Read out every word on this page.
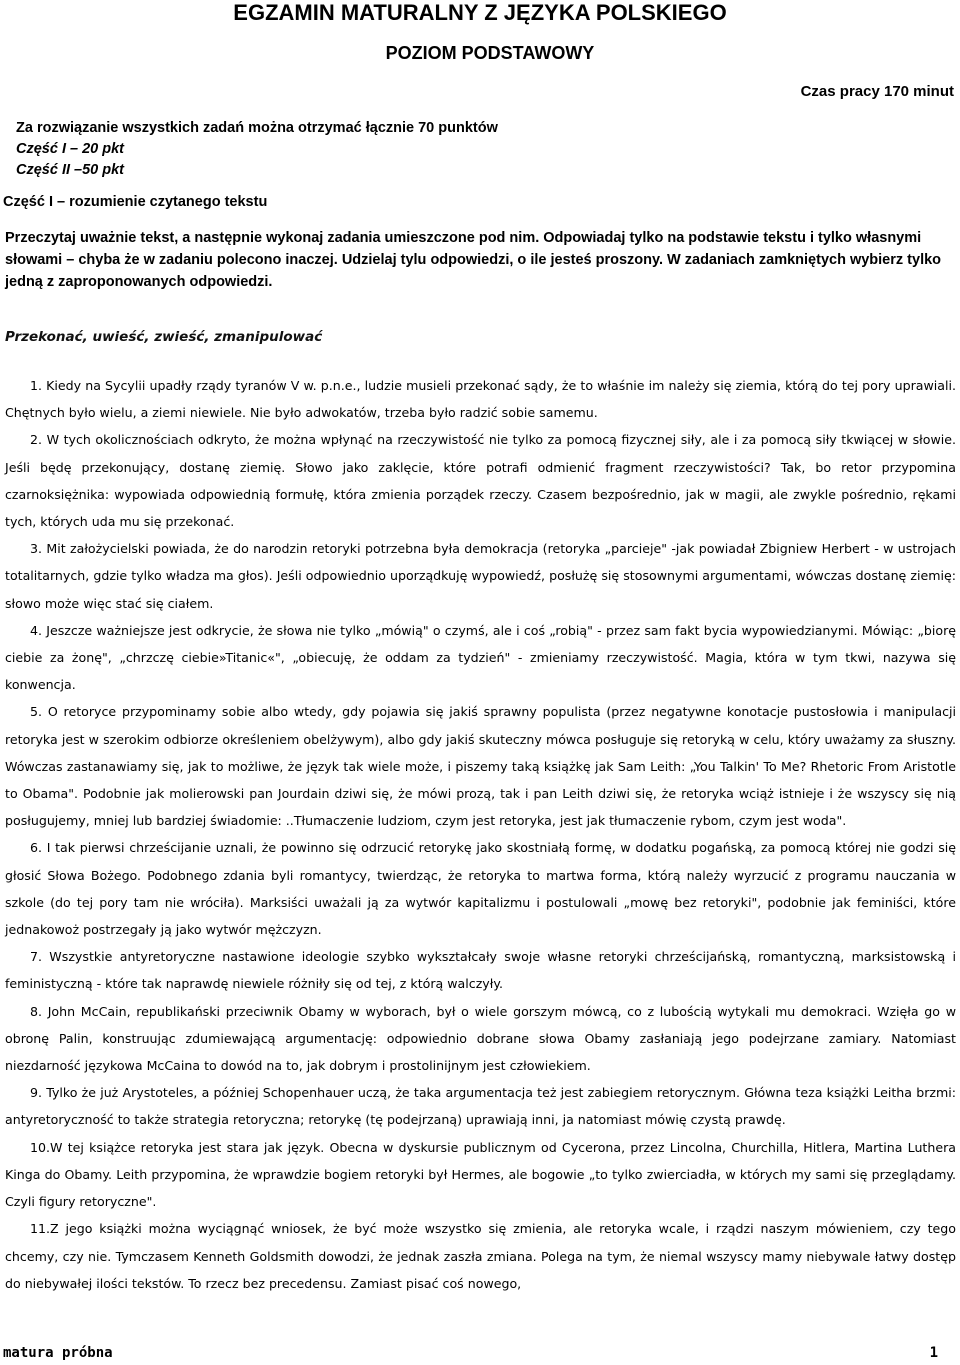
EGZAMIN MATURALNY Z JĘZYKA POLSKIEGO
POZIOM PODSTAWOWY
Czas pracy 170 minut
Za rozwiązanie wszystkich zadań można otrzymać łącznie 70 punktów
Część I – 20 pkt
Część II –50 pkt
Część I – rozumienie czytanego tekstu
Przeczytaj uważnie tekst, a następnie wykonaj zadania umieszczone pod nim. Odpowiadaj tylko na podstawie tekstu i tylko własnymi słowami – chyba że w zadaniu polecono inaczej. Udzielaj tylu odpowiedzi, o ile jesteś proszony. W zadaniach zamkniętych wybierz tylko jedną z zaproponowanych odpowiedzi.
Przekonać, uwieść, zwieść, zmanipulować

1. Kiedy na Sycylii upadły rządy tyranów V w. p.n.e., ludzie musieli przekonać sądy, że to właśnie im należy się ziemia, którą do tej pory uprawiali. Chętnych było wielu, a ziemi niewiele. Nie było adwokatów, trzeba było radzić sobie samemu.

2. W tych okolicznościach odkryto, że można wpłynąć na rzeczywistość nie tylko za pomocą fizycznej siły, ale i za pomocą siły tkwiącej w słowie. Jeśli będę przekonujący, dostanę ziemię. Słowo jako zaklęcie, które potrafi odmienić fragment rzeczywistości? Tak, bo retor przypomina czarnoksiężnika: wypowiada odpowiednią formułę, która zmienia porządek rzeczy. Czasem bezpośrednio, jak w magii, ale zwykle pośrednio, rękami tych, których uda mu się przekonać.

3. Mit założycielski powiada, że do narodzin retoryki potrzebna była demokracja (retoryka „parcieje" -jak powiadał Zbigniew Herbert - w ustrojach totalitarnych, gdzie tylko władza ma głos). Jeśli odpowiednio uporządkuję wypowiedź, posłużę się stosownymi argumentami, wówczas dostanę ziemię: słowo może więc stać się ciałem.

4. Jeszcze ważniejsze jest odkrycie, że słowa nie tylko „mówią" o czymś, ale i coś „robią" - przez sam fakt bycia wypowiedzianymi. Mówiąc: „biorę ciebie za żonę", „chrzczę ciebie»Titanic«", „obiecuję, że oddam za tydzień" - zmieniamy rzeczywistość. Magia, która w tym tkwi, nazywa się konwencja.

5. O retoryce przypominamy sobie albo wtedy, gdy pojawia się jakiś sprawny populista (przez negatywne konotacje pustosłowia i manipulacji retoryka jest w szerokim odbiorze określeniem obelżywym), albo gdy jakiś skuteczny mówca posługuje się retoryką w celu, który uważamy za słuszny. Wówczas zastanawiamy się, jak to możliwe, że język tak wiele może, i piszemy taką książkę jak Sam Leith: „You Talkin' To Me? Rhetoric From Aristotle to Obama". Podobnie jak molierowski pan Jourdain dziwi się, że mówi prozą, tak i pan Leith dziwi się, że retoryka wciąż istnieje i że wszyscy się nią posługujemy, mniej lub bardziej świadomie: ..Tłumaczenie ludziom, czym jest retoryka, jest jak tłumaczenie rybom, czym jest woda".

6. I tak pierwsi chrześcijanie uznali, że powinno się odrzucić retorykę jako skostniałą formę, w dodatku pogańską, za pomocą której nie godzi się głosić Słowa Bożego. Podobnego zdania byli romantycy, twierdząc, że retoryka to martwa forma, którą należy wyrzucić z programu nauczania w szkole (do tej pory tam nie wróciła). Marksiści uważali ją za wytwór kapitalizmu i postulowali „mowę bez retoryki", podobnie jak feminiści, które jednakowoż postrzegały ją jako wytwór mężczyzn.

7. Wszystkie antyretoryczne nastawione ideologie szybko wykształcały swoje własne retoryki chrześcijańską, romantyczną, marksistowską i feministyczną - które tak naprawdę niewiele różniły się od tej, z którą walczyły.

8. John McCain, republikański przeciwnik Obamy w wyborach, był o wiele gorszym mówcą, co z lubością wytykali mu demokraci. Wzięła go w obronę Palin, konstruując zdumiewającą argumentację: odpowiednio dobrane słowa Obamy zasłaniają jego podejrzane zamiary. Natomiast niezdarność językowa McCaina to dowód na to, jak dobrym i prostolinijnym jest człowiekiem.

9. Tylko że już Arystoteles, a później Schopenhauer uczą, że taka argumentacja też jest zabiegiem retorycznym. Główna teza książki Leitha brzmi: antyretoryczność to także strategia retoryczna; retorykę (tę podejrzaną) uprawiają inni, ja natomiast mówię czystą prawdę.

10.W tej książce retoryka jest stara jak język. Obecna w dyskursie publicznym od Cycerona, przez Lincolna, Churchilla, Hitlera, Martina Luthera Kinga do Obamy. Leith przypomina, że wprawdzie bogiem retoryki był Hermes, ale bogowie „to tylko zwierciadła, w których my sami się przeglądamy. Czyli figury retoryczne".

11.Z jego książki można wyciągnąć wniosek, że być może wszystko się zmienia, ale retoryka wcale, i rządzi naszym mówieniem, czy tego chcemy, czy nie. Tymczasem Kenneth Goldsmith dowodzi, że jednak zaszła zmiana. Polega na tym, że niemal wszyscy mamy niebywale łatwy dostęp do niebywałej ilości tekstów. To rzecz bez precedensu. Zamiast pisać coś nowego,

matura próbna	1
